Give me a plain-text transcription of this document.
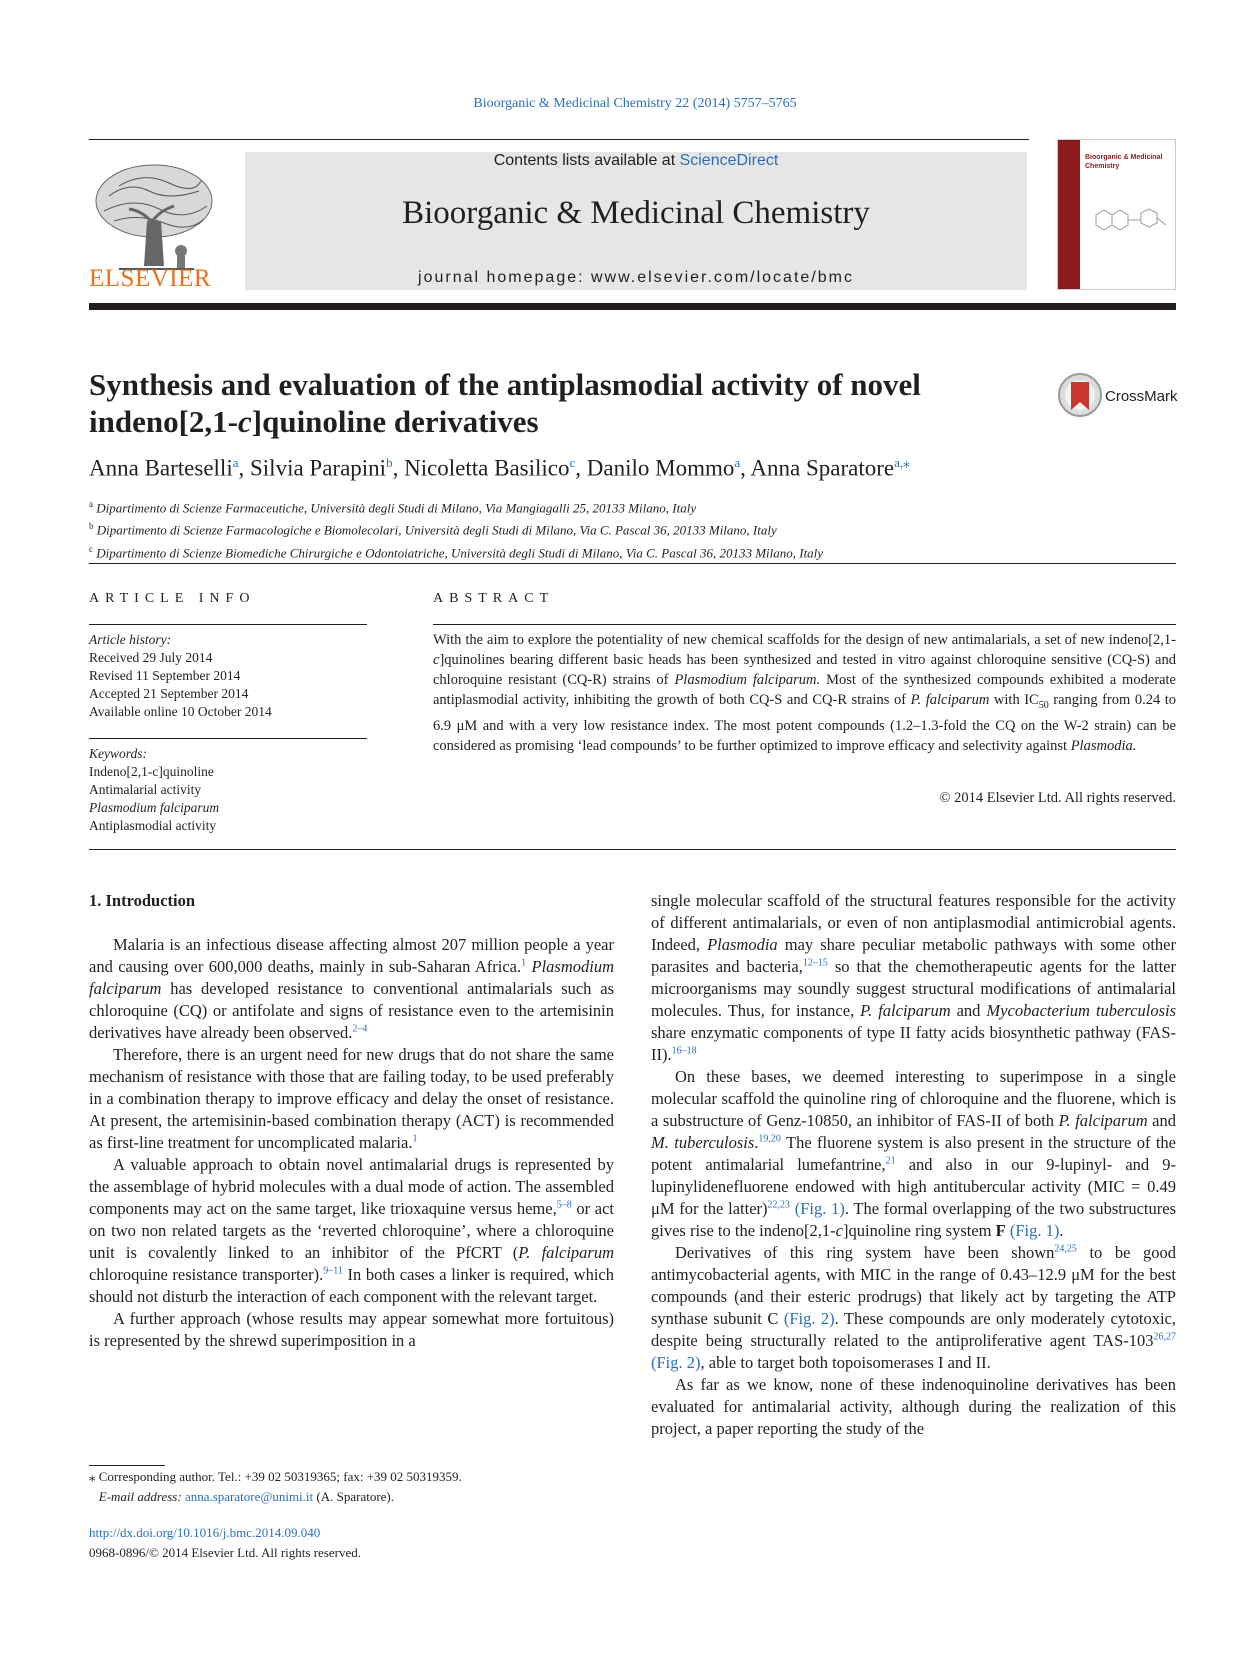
Bioorganic & Medicinal Chemistry 22 (2014) 5757–5765
ELSEVIER
Contents lists available at ScienceDirect
Bioorganic & Medicinal Chemistry
journal homepage: www.elsevier.com/locate/bmc
Bioorganic & Medicinal Chemistry
Synthesis and evaluation of the antiplasmodial activity of novel
indeno[2,1-c]quinoline derivatives
CrossMark
Anna Barteselli$^a$, Silvia Parapini$^b$, Nicoletta Basilico$^c$, Danilo Mommo$^a$, Anna Sparatore$^{a,⁎}$
$^a$ Dipartimento di Scienze Farmaceutiche, Università degli Studi di Milano, Via Mangiagalli 25, 20133 Milano, Italy
$^b$ Dipartimento di Scienze Farmacologiche e Biomolecolari, Università degli Studi di Milano, Via C. Pascal 36, 20133 Milano, Italy
$^c$ Dipartimento di Scienze Biomediche Chirurgiche e Odontoiatriche, Università degli Studi di Milano, Via C. Pascal 36, 20133 Milano, Italy
ARTICLE INFO	ABSTRACT
Article history:
Received 29 July 2014
Revised 11 September 2014
Accepted 21 September 2014
Available online 10 October 2014
Keywords:
Indeno[2,1-c]quinoline
Antimalarial activity
Plasmodium falciparum
Antiplasmodial activity
With the aim to explore the potentiality of new chemical scaffolds for the design of new antimalarials, a set of new indeno[2,1-c]quinolines bearing different basic heads has been synthesized and tested in vitro against chloroquine sensitive (CQ-S) and chloroquine resistant (CQ-R) strains of Plasmodium falciparum. Most of the synthesized compounds exhibited a moderate antiplasmodial activity, inhibiting the growth of both CQ-S and CQ-R strains of P. falciparum with $IC_{50}$ ranging from 0.24 to 6.9 μM and with a very low resistance index. The most potent compounds (1.2–1.3-fold the CQ on the W-2 strain) can be considered as promising ‘lead compounds’ to be further optimized to improve efficacy and selectivity against Plasmodia.
© 2014 Elsevier Ltd. All rights reserved.
1. Introduction

Malaria is an infectious disease affecting almost 207 million people a year and causing over 600,000 deaths, mainly in sub-Saharan Africa.$^1$ Plasmodium falciparum has developed resistance to conventional antimalarials such as chloroquine (CQ) or antifolate and signs of resistance even to the artemisinin derivatives have already been observed.$^{2-4}$

Therefore, there is an urgent need for new drugs that do not share the same mechanism of resistance with those that are failing today, to be used preferably in a combination therapy to improve efficacy and delay the onset of resistance. At present, the artemisinin-based combination therapy (ACT) is recommended as first-line treatment for uncomplicated malaria.$^1$

A valuable approach to obtain novel antimalarial drugs is represented by the assemblage of hybrid molecules with a dual mode of action. The assembled components may act on the same target, like trioxaquine versus heme,$^{5-8}$ or act on two non related targets as the ‘reverted chloroquine’, where a chloroquine unit is covalently linked to an inhibitor of the PfCRT (P. falciparum chloroquine resistance transporter).$^{9-11}$ In both cases a linker is required, which should not disturb the interaction of each component with the relevant target.

A further approach (whose results may appear somewhat more fortuitous) is represented by the shrewd superimposition in a

single molecular scaffold of the structural features responsible for the activity of different antimalarials, or even of non antiplasmodial antimicrobial agents. Indeed, Plasmodia may share peculiar metabolic pathways with some other parasites and bacteria,$^{12-15}$ so that the chemotherapeutic agents for the latter microorganisms may soundly suggest structural modifications of antimalarial molecules. Thus, for instance, P. falciparum and Mycobacterium tuberculosis share enzymatic components of type II fatty acids biosynthetic pathway (FAS-II).$^{16-18}$

On these bases, we deemed interesting to superimpose in a single molecular scaffold the quinoline ring of chloroquine and the fluorene, which is a substructure of Genz-10850, an inhibitor of FAS-II of both P. falciparum and M. tuberculosis.$^{19,20}$ The fluorene system is also present in the structure of the potent antimalarial lumefantrine,$^{21}$ and also in our 9-lupinyl- and 9-lupinylidenefluorene endowed with high antitubercular activity (MIC = 0.49 μM for the latter)$^{22,23}$ (Fig. 1). The formal overlapping of the two substructures gives rise to the indeno[2,1-c]quinoline ring system F (Fig. 1).

Derivatives of this ring system have been shown$^{24,25}$ to be good antimycobacterial agents, with MIC in the range of 0.43–12.9 μM for the best compounds (and their esteric prodrugs) that likely act by targeting the ATP synthase subunit C (Fig. 2). These compounds are only moderately cytotoxic, despite being structurally related to the antiproliferative agent TAS-103$^{26,27}$ (Fig. 2), able to target both topoisomerases I and II.

As far as we know, none of these indenoquinoline derivatives has been evaluated for antimalarial activity, although during the realization of this project, a paper reporting the study of the

⁎ Corresponding author. Tel.: +39 02 50319365; fax: +39 02 50319359.
E-mail address: anna.sparatore@unimi.it (A. Sparatore).
http://dx.doi.org/10.1016/j.bmc.2014.09.040
0968-0896/© 2014 Elsevier Ltd. All rights reserved.
